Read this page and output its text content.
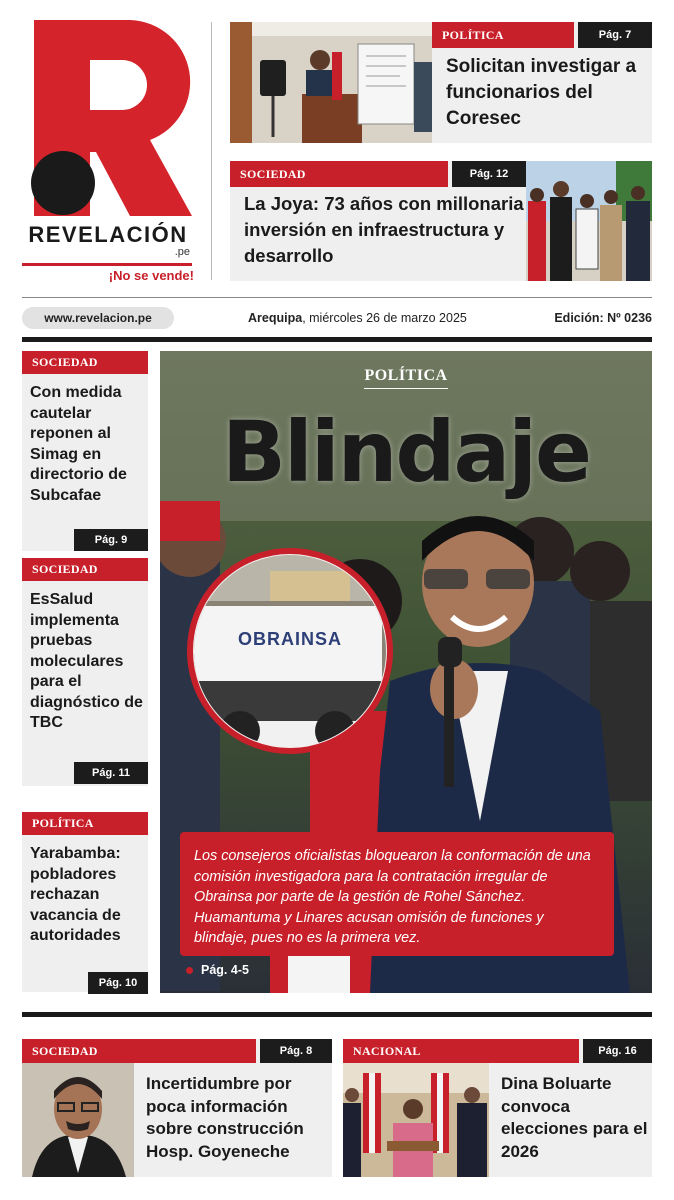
REVELACIÓN
.pe
¡No se vende!
POLÍTICA	Pág. 7
Solicitan investigar a funcionarios del Coresec
SOCIEDAD	Pág. 12
La Joya: 73 años con millonaria inversión en infraestructura y desarrollo
www.revelacion.pe	Arequipa, miércoles 26 de marzo 2025	Edición: Nº 0236
SOCIEDAD
Con medida cautelar reponen al Simag en directorio de Subcafae
Pág. 9
SOCIEDAD
EsSalud implementa pruebas moleculares para el diagnóstico de TBC
Pág. 11
POLÍTICA
Yarabamba: pobladores rechazan vacancia de autoridades
Pág. 10
OBRAINSA
POLÍTICA
Blindaje
Los consejeros oficialistas bloquearon la conformación de una comisión investigadora para la contratación irregular de Obrainsa por parte de la gestión de Rohel Sánchez. Huamantuma y Linares acusan omisión de funciones y blindaje, pues no es la primera vez.
Pág. 4-5
SOCIEDAD	Pág. 8
Incertidumbre por poca información sobre construcción Hosp. Goyeneche
NACIONAL	Pág. 16
Dina Boluarte convoca elecciones para el 2026
